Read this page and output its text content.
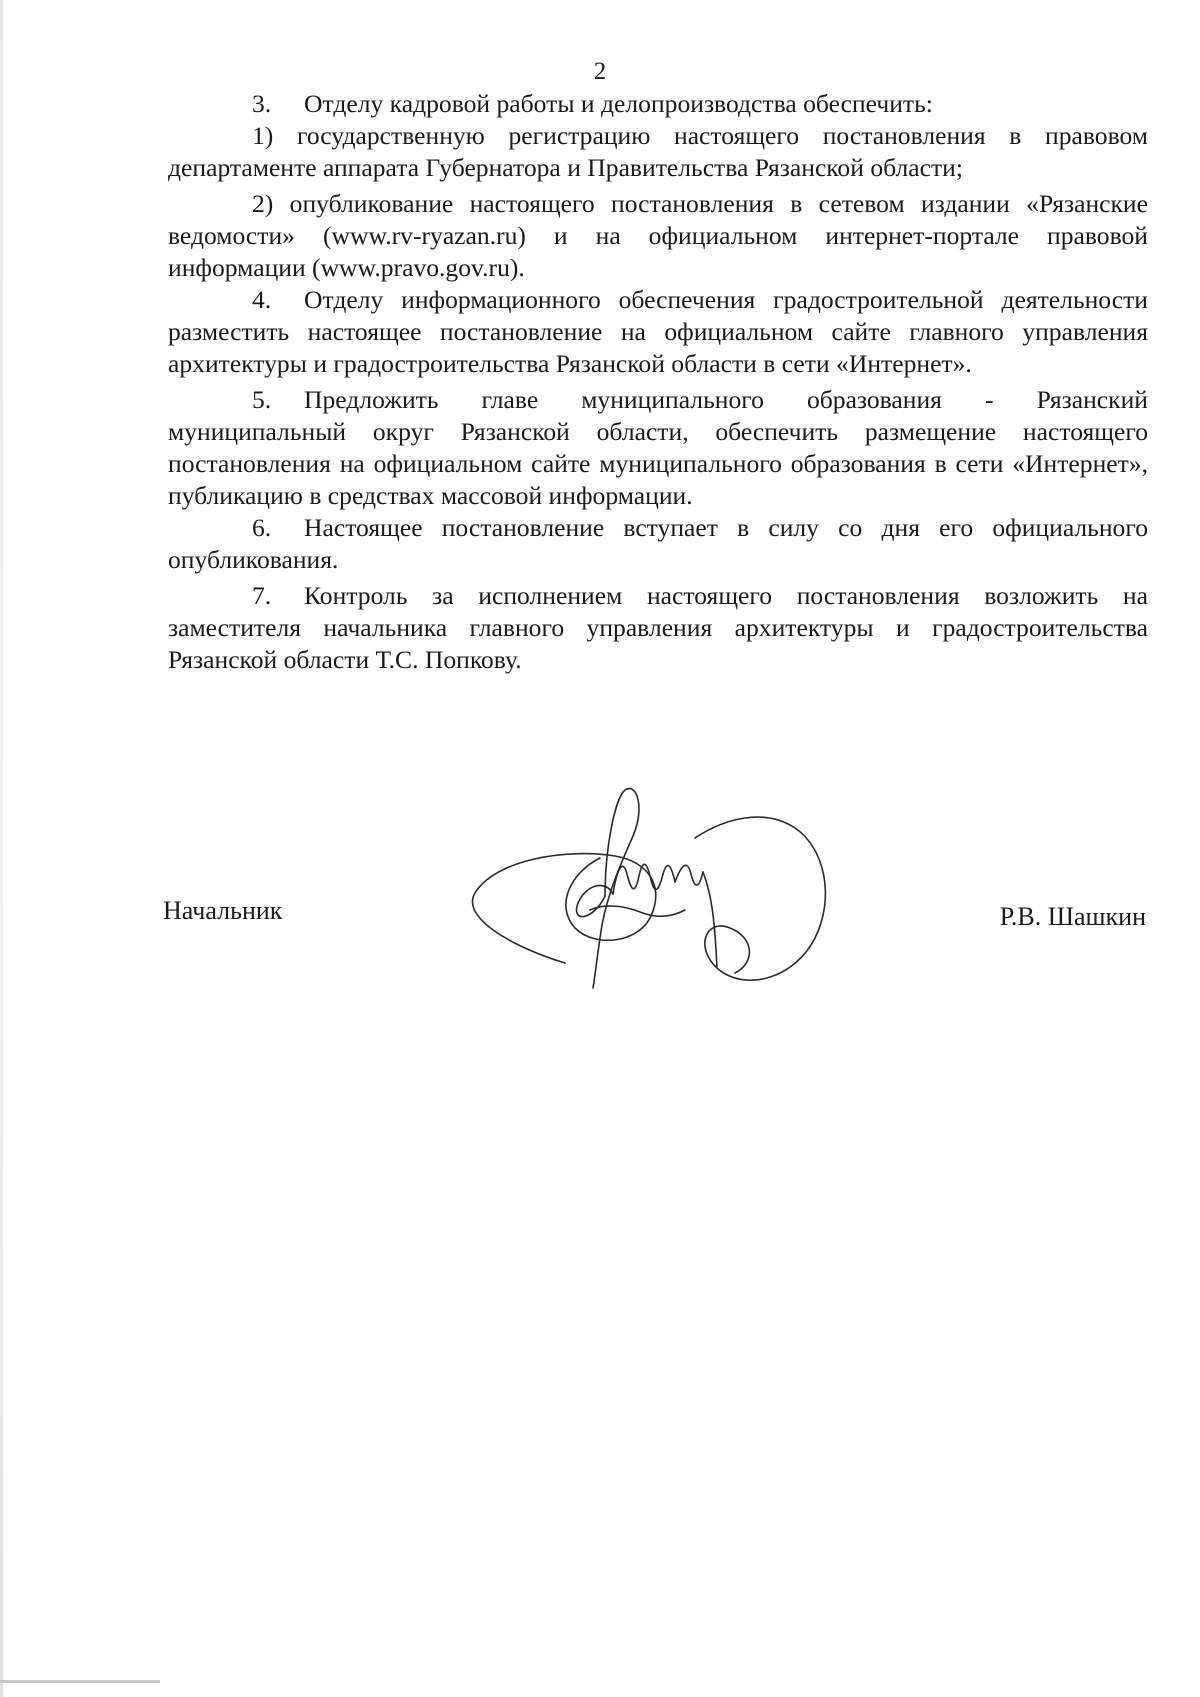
2

3. Отделу кадровой работы и делопроизводства обеспечить:

1) государственную регистрацию настоящего постановления в правовом департаменте аппарата Губернатора и Правительства Рязанской области;

2) опубликование настоящего постановления в сетевом издании «Рязанские ведомости» (www.rv-ryazan.ru) и на официальном интернет-портале правовой информации (www.pravo.gov.ru).

4. Отделу информационного обеспечения градостроительной деятельности разместить настоящее постановление на официальном сайте главного управления архитектуры и градостроительства Рязанской области в сети «Интернет».

5. Предложить главе муниципального образования - Рязанский муниципальный округ Рязанской области, обеспечить размещение настоящего постановления на официальном сайте муниципального образования в сети «Интернет», публикацию в средствах массовой информации.

6. Настоящее постановление вступает в силу со дня его официального опубликования.

7. Контроль за исполнением настоящего постановления возложить на заместителя начальника главного управления архитектуры и градостроительства Рязанской области Т.С. Попкову.

Начальник	Р.В. Шашкин
